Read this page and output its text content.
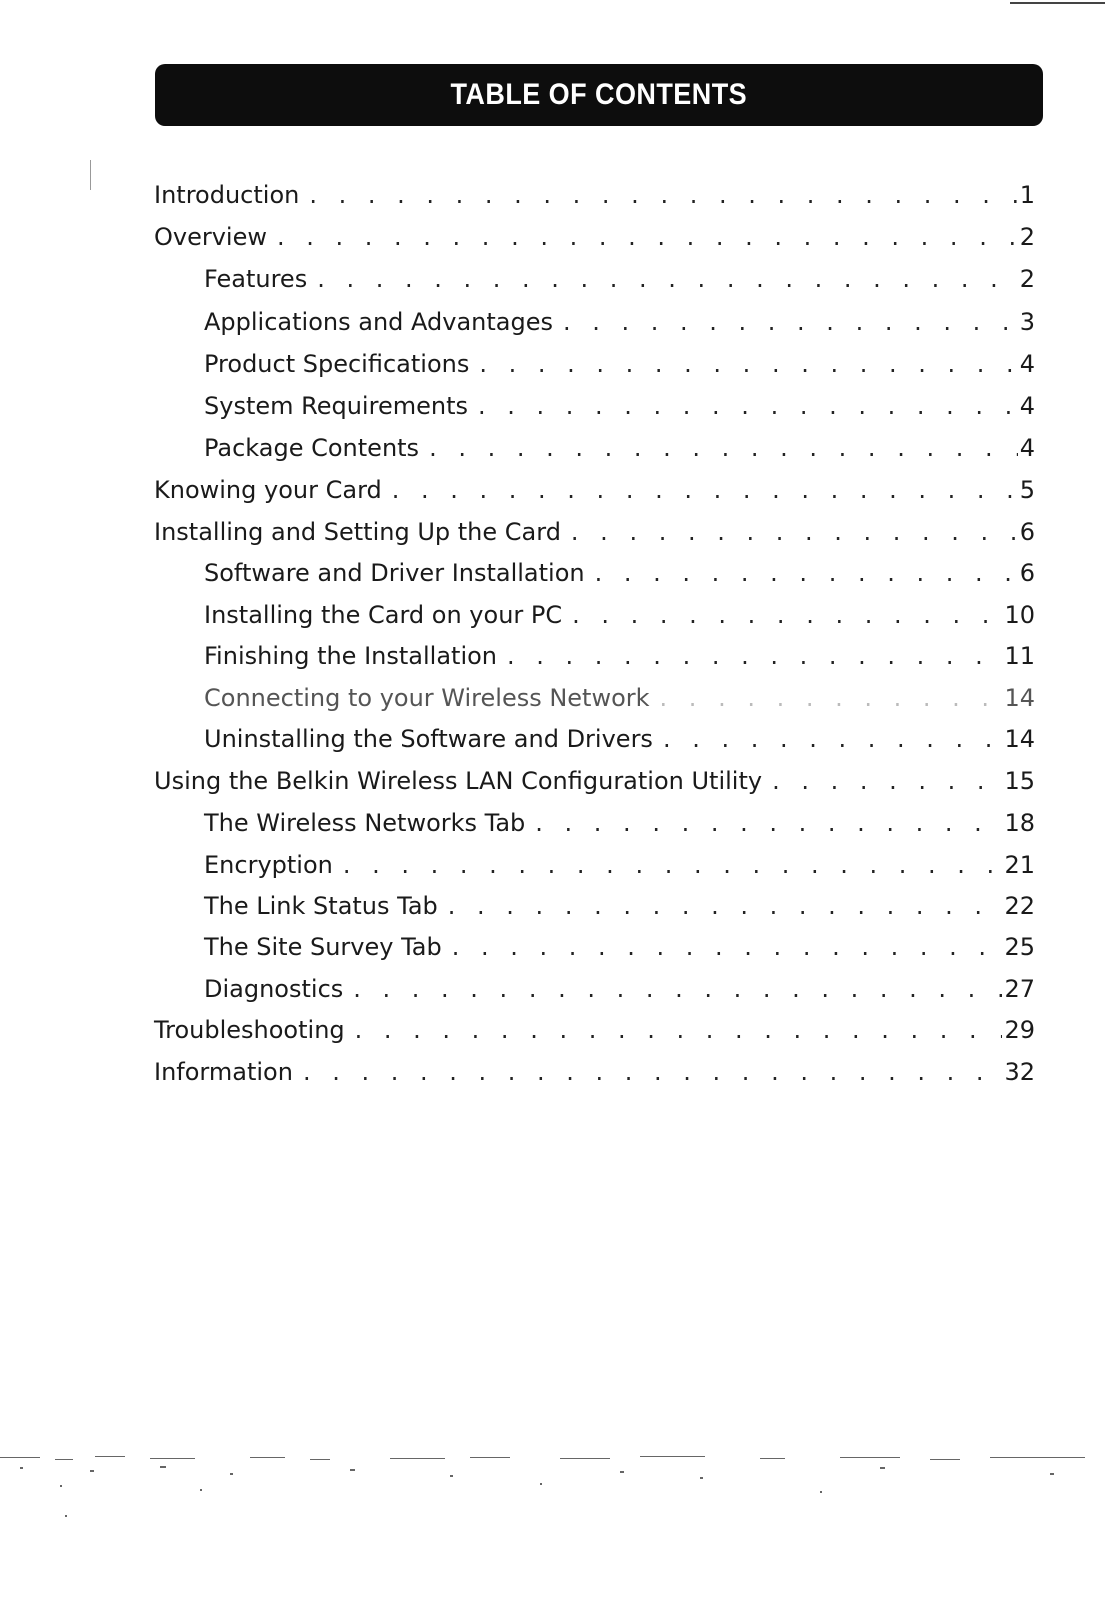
TABLE OF CONTENTS
Introduction . . .	1
Overview . . .	2
Features . . .	2
Applications and Advantages . . .	3
Product Specifications . . .	4
System Requirements . . .	4
Package Contents . . .	4
Knowing your Card . . .	5
Installing and Setting Up the Card . . .	6
Software and Driver Installation . . .	6
Installing the Card on your PC . . .	10
Finishing the Installation . . .	11
Connecting to your Wireless Network . . .	14
Uninstalling the Software and Drivers . . .	14
Using the Belkin Wireless LAN Configuration Utility . . .	15
The Wireless Networks Tab . . .	18
Encryption . . .	21
The Link Status Tab . . .	22
The Site Survey Tab . . .	25
Diagnostics . . .	27
Troubleshooting . . .	29
Information . . .	32
